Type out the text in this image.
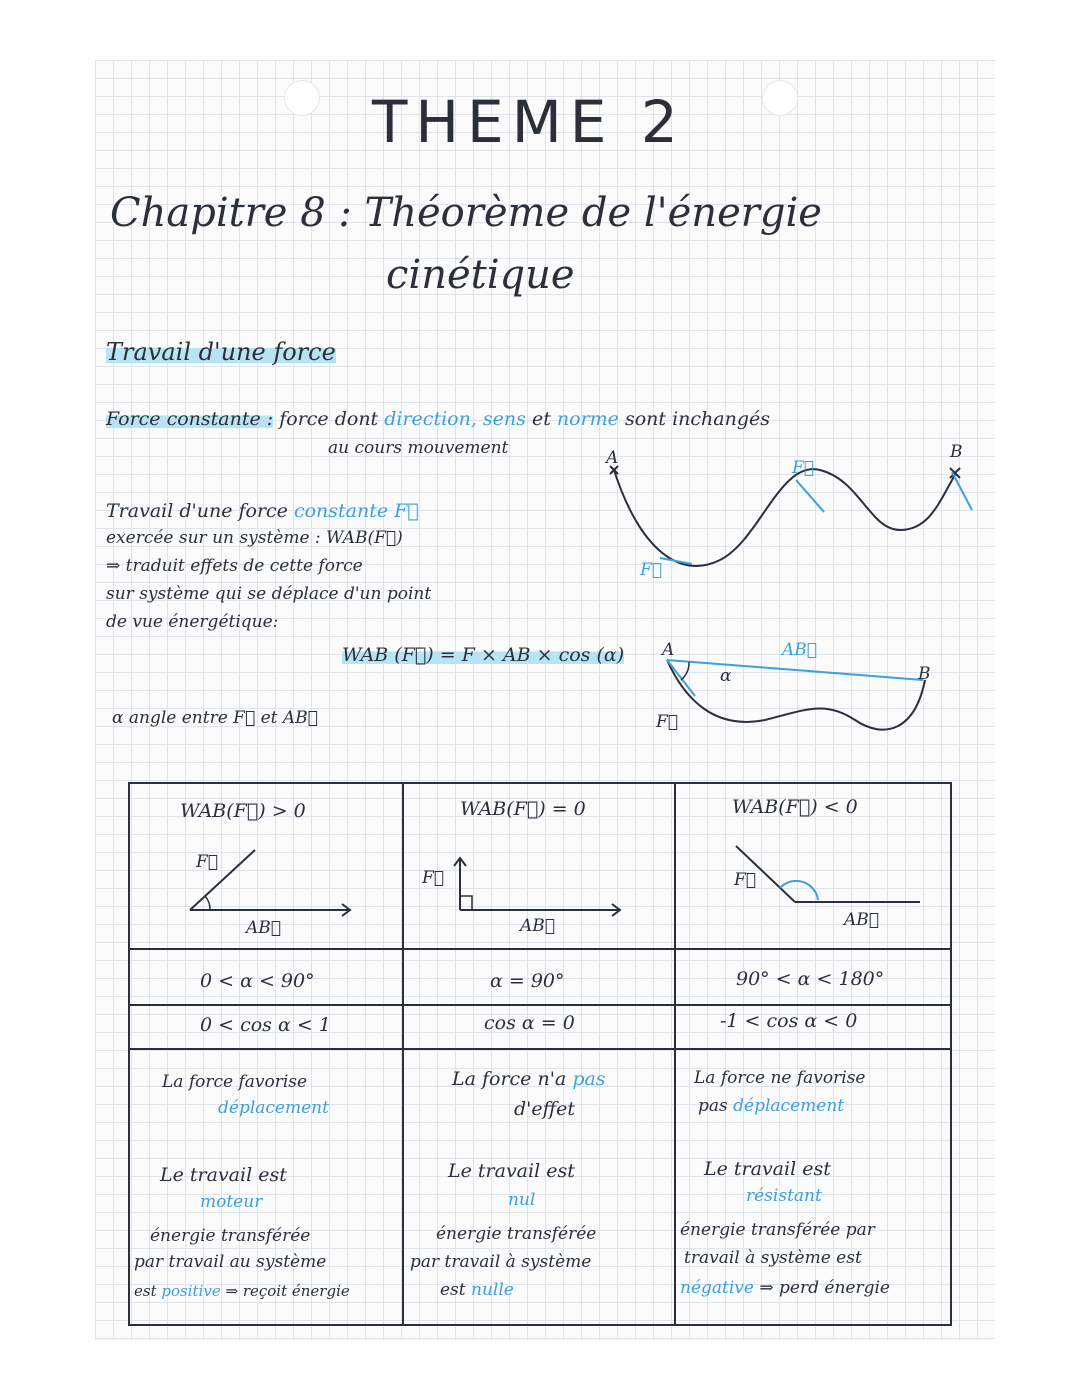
THEME 2
Chapitre 8 : Théorème de l'énergie
cinétique
Travail d'une force
Force constante : force dont direction, sens et norme sont inchangés
au cours mouvement
Travail d'une force constante F⃗
exercée sur un système : WAB(F⃗)
⇒ traduit effets de cette force
sur système qui se déplace d'un point
de vue énergétique:
WAB (F⃗) = F × AB × cos (α)
α angle entre F⃗ et AB⃗
A	B
F⃗
F⃗
A
B
AB⃗
α
F⃗
WAB(F⃗) > 0
F⃗
AB⃗
0 < α < 90°
0 < cos α < 1
La force favorise
déplacement
Le travail est
moteur
énergie transférée
par travail au système
est positive ⇒ reçoit énergie
WAB(F⃗) = 0
F⃗
AB⃗
α = 90°
cos α = 0
La force n'a pas
d'effet
Le travail est
nul
énergie transférée
par travail à système
est nulle
WAB(F⃗) < 0
F⃗
AB⃗
90° < α < 180°
-1 < cos α < 0
La force ne favorise
pas déplacement
Le travail est
résistant
énergie transférée par
travail à système est
négative ⇒ perd énergie
